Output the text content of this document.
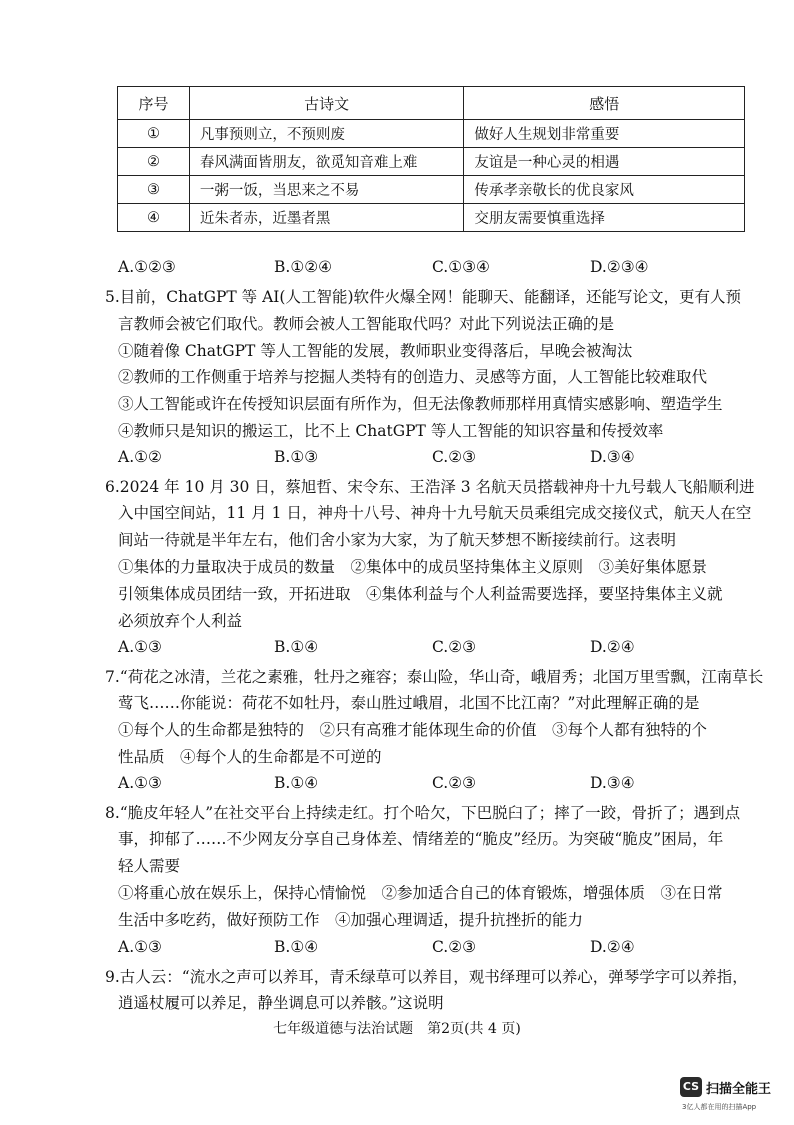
序号	古诗文	感悟
①	凡事预则立，不预则废	做好人生规划非常重要
②	春风满面皆朋友，欲觅知音难上难	友谊是一种心灵的相遇
③	一粥一饭，当思来之不易	传承孝亲敬长的优良家风
④	近朱者赤，近墨者黑	交朋友需要慎重选择
A.①②③	B.①②④	C.①③④	D.②③④
5.目前，ChatGPT 等 AI(人工智能)软件火爆全网！能聊天、能翻译，还能写论文，更有人预
言教师会被它们取代。教师会被人工智能取代吗？对此下列说法正确的是
①随着像 ChatGPT 等人工智能的发展，教师职业变得落后，早晚会被淘汰
②教师的工作侧重于培养与挖掘人类特有的创造力、灵感等方面，人工智能比较难取代
③人工智能或许在传授知识层面有所作为，但无法像教师那样用真情实感影响、塑造学生
④教师只是知识的搬运工，比不上 ChatGPT 等人工智能的知识容量和传授效率
A.①②	B.①③	C.②③	D.③④
6.2024 年 10 月 30 日，蔡旭哲、宋令东、王浩泽 3 名航天员搭载神舟十九号载人飞船顺利进
入中国空间站，11 月 1 日，神舟十八号、神舟十九号航天员乘组完成交接仪式，航天人在空
间站一待就是半年左右，他们舍小家为大家，为了航天梦想不断接续前行。这表明
①集体的力量取决于成员的数量　②集体中的成员坚持集体主义原则　③美好集体愿景
引领集体成员团结一致，开拓进取　④集体利益与个人利益需要选择，要坚持集体主义就
必须放弃个人利益
A.①③	B.①④	C.②③	D.②④
7.“荷花之冰清，兰花之素雅，牡丹之雍容；泰山险，华山奇，峨眉秀；北国万里雪飘，江南草长
莺飞……你能说：荷花不如牡丹，泰山胜过峨眉，北国不比江南？”对此理解正确的是
①每个人的生命都是独特的　②只有高雅才能体现生命的价值　③每个人都有独特的个
性品质　④每个人的生命都是不可逆的
A.①③	B.①④	C.②③	D.③④
8.“脆皮年轻人”在社交平台上持续走红。打个哈欠，下巴脱臼了；摔了一跤，骨折了；遇到点
事，抑郁了……不少网友分享自己身体差、情绪差的“脆皮”经历。为突破“脆皮”困局，年
轻人需要
①将重心放在娱乐上，保持心情愉悦　②参加适合自己的体育锻炼，增强体质　③在日常
生活中多吃药，做好预防工作　④加强心理调适，提升抗挫折的能力
A.①③	B.①④	C.②③	D.②④
9.古人云：“流水之声可以养耳，青禾绿草可以养目，观书绎理可以养心，弹琴学字可以养指，
逍遥杖履可以养足，静坐调息可以养骸。”这说明
七年级道德与法治试题　第2页(共 4 页)
CS 扫描全能王
3亿人都在用的扫描App
